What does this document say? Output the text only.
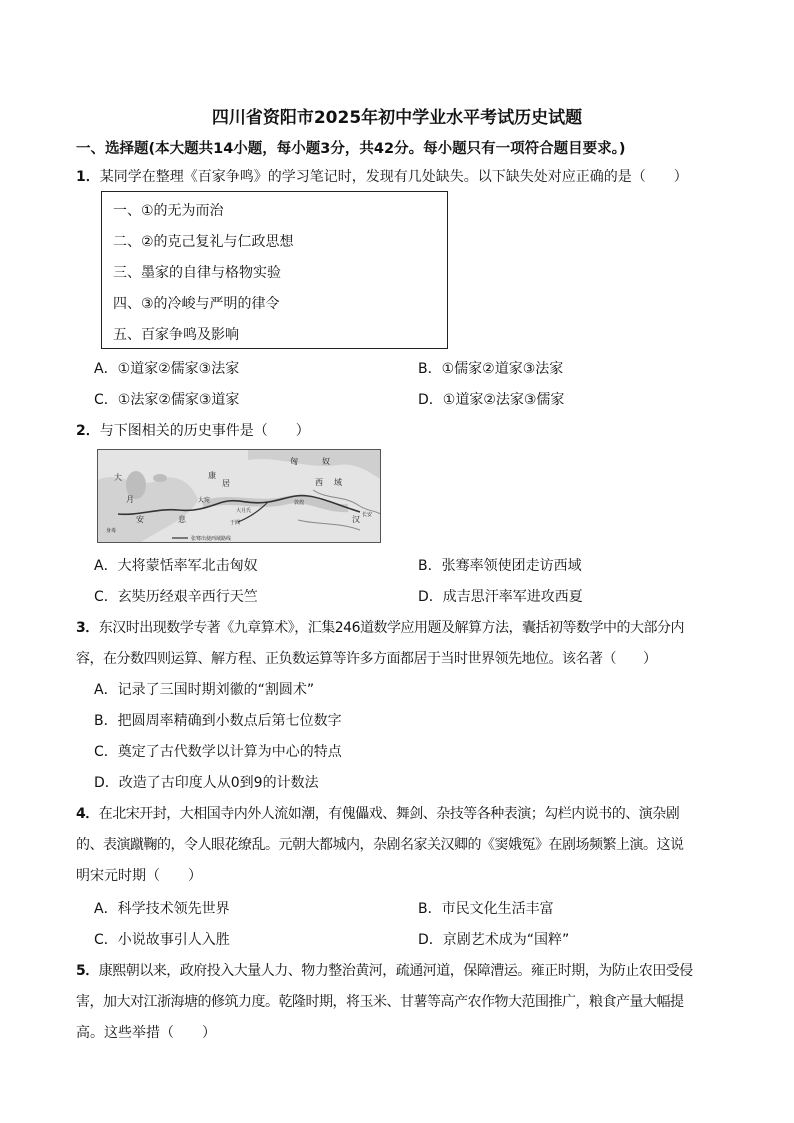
四川省资阳市2025年初中学业水平考试历史试题
一、选择题(本大题共14小题，每小题3分，共42分。每小题只有一项符合题目要求。)
1．某同学在整理《百家争鸣》的学习笔记时，发现有几处缺失。以下缺失处对应正确的是（　　）
一、①的无为而治
二、②的克己复礼与仁政思想
三、墨家的自律与格物实验
四、③的冷峻与严明的律令
五、百家争鸣及影响
A．①道家②儒家③法家	B．①儒家②道家③法家
C．①法家②儒家③道家	D．①道家②法家③儒家
2．与下图相关的历史事件是（　　）
匈	奴
大
月
安	息
康
居
大宛
西 域
汉 长安
敦煌
大月氏
于阗
身毒
张骞出使西域路线
A．大将蒙恬率军北击匈奴	B．张骞率领使团走访西域
C．玄奘历经艰辛西行天竺	D．成吉思汗率军进攻西夏
3．东汉时出现数学专著《九章算术》，汇集246道数学应用题及解算方法，囊括初等数学中的大部分内
容，在分数四则运算、解方程、正负数运算等许多方面都居于当时世界领先地位。该名著（　　）
A．记录了三国时期刘徽的“割圆术”
B．把圆周率精确到小数点后第七位数字
C．奠定了古代数学以计算为中心的特点
D．改造了古印度人从0到9的计数法
4．在北宋开封，大相国寺内外人流如潮，有傀儡戏、舞剑、杂技等各种表演；勾栏内说书的、演杂剧
的、表演蹴鞠的，令人眼花缭乱。元朝大都城内，杂剧名家关汉卿的《窦娥冤》在剧场频繁上演。这说
明宋元时期（　　）
A．科学技术领先世界	B．市民文化生活丰富
C．小说故事引人入胜	D．京剧艺术成为“国粹”
5．康熙朝以来，政府投入大量人力、物力整治黄河，疏通河道，保障漕运。雍正时期，为防止农田受侵
害，加大对江浙海塘的修筑力度。乾隆时期，将玉米、甘薯等高产农作物大范围推广，粮食产量大幅提
高。这些举措（　　）
